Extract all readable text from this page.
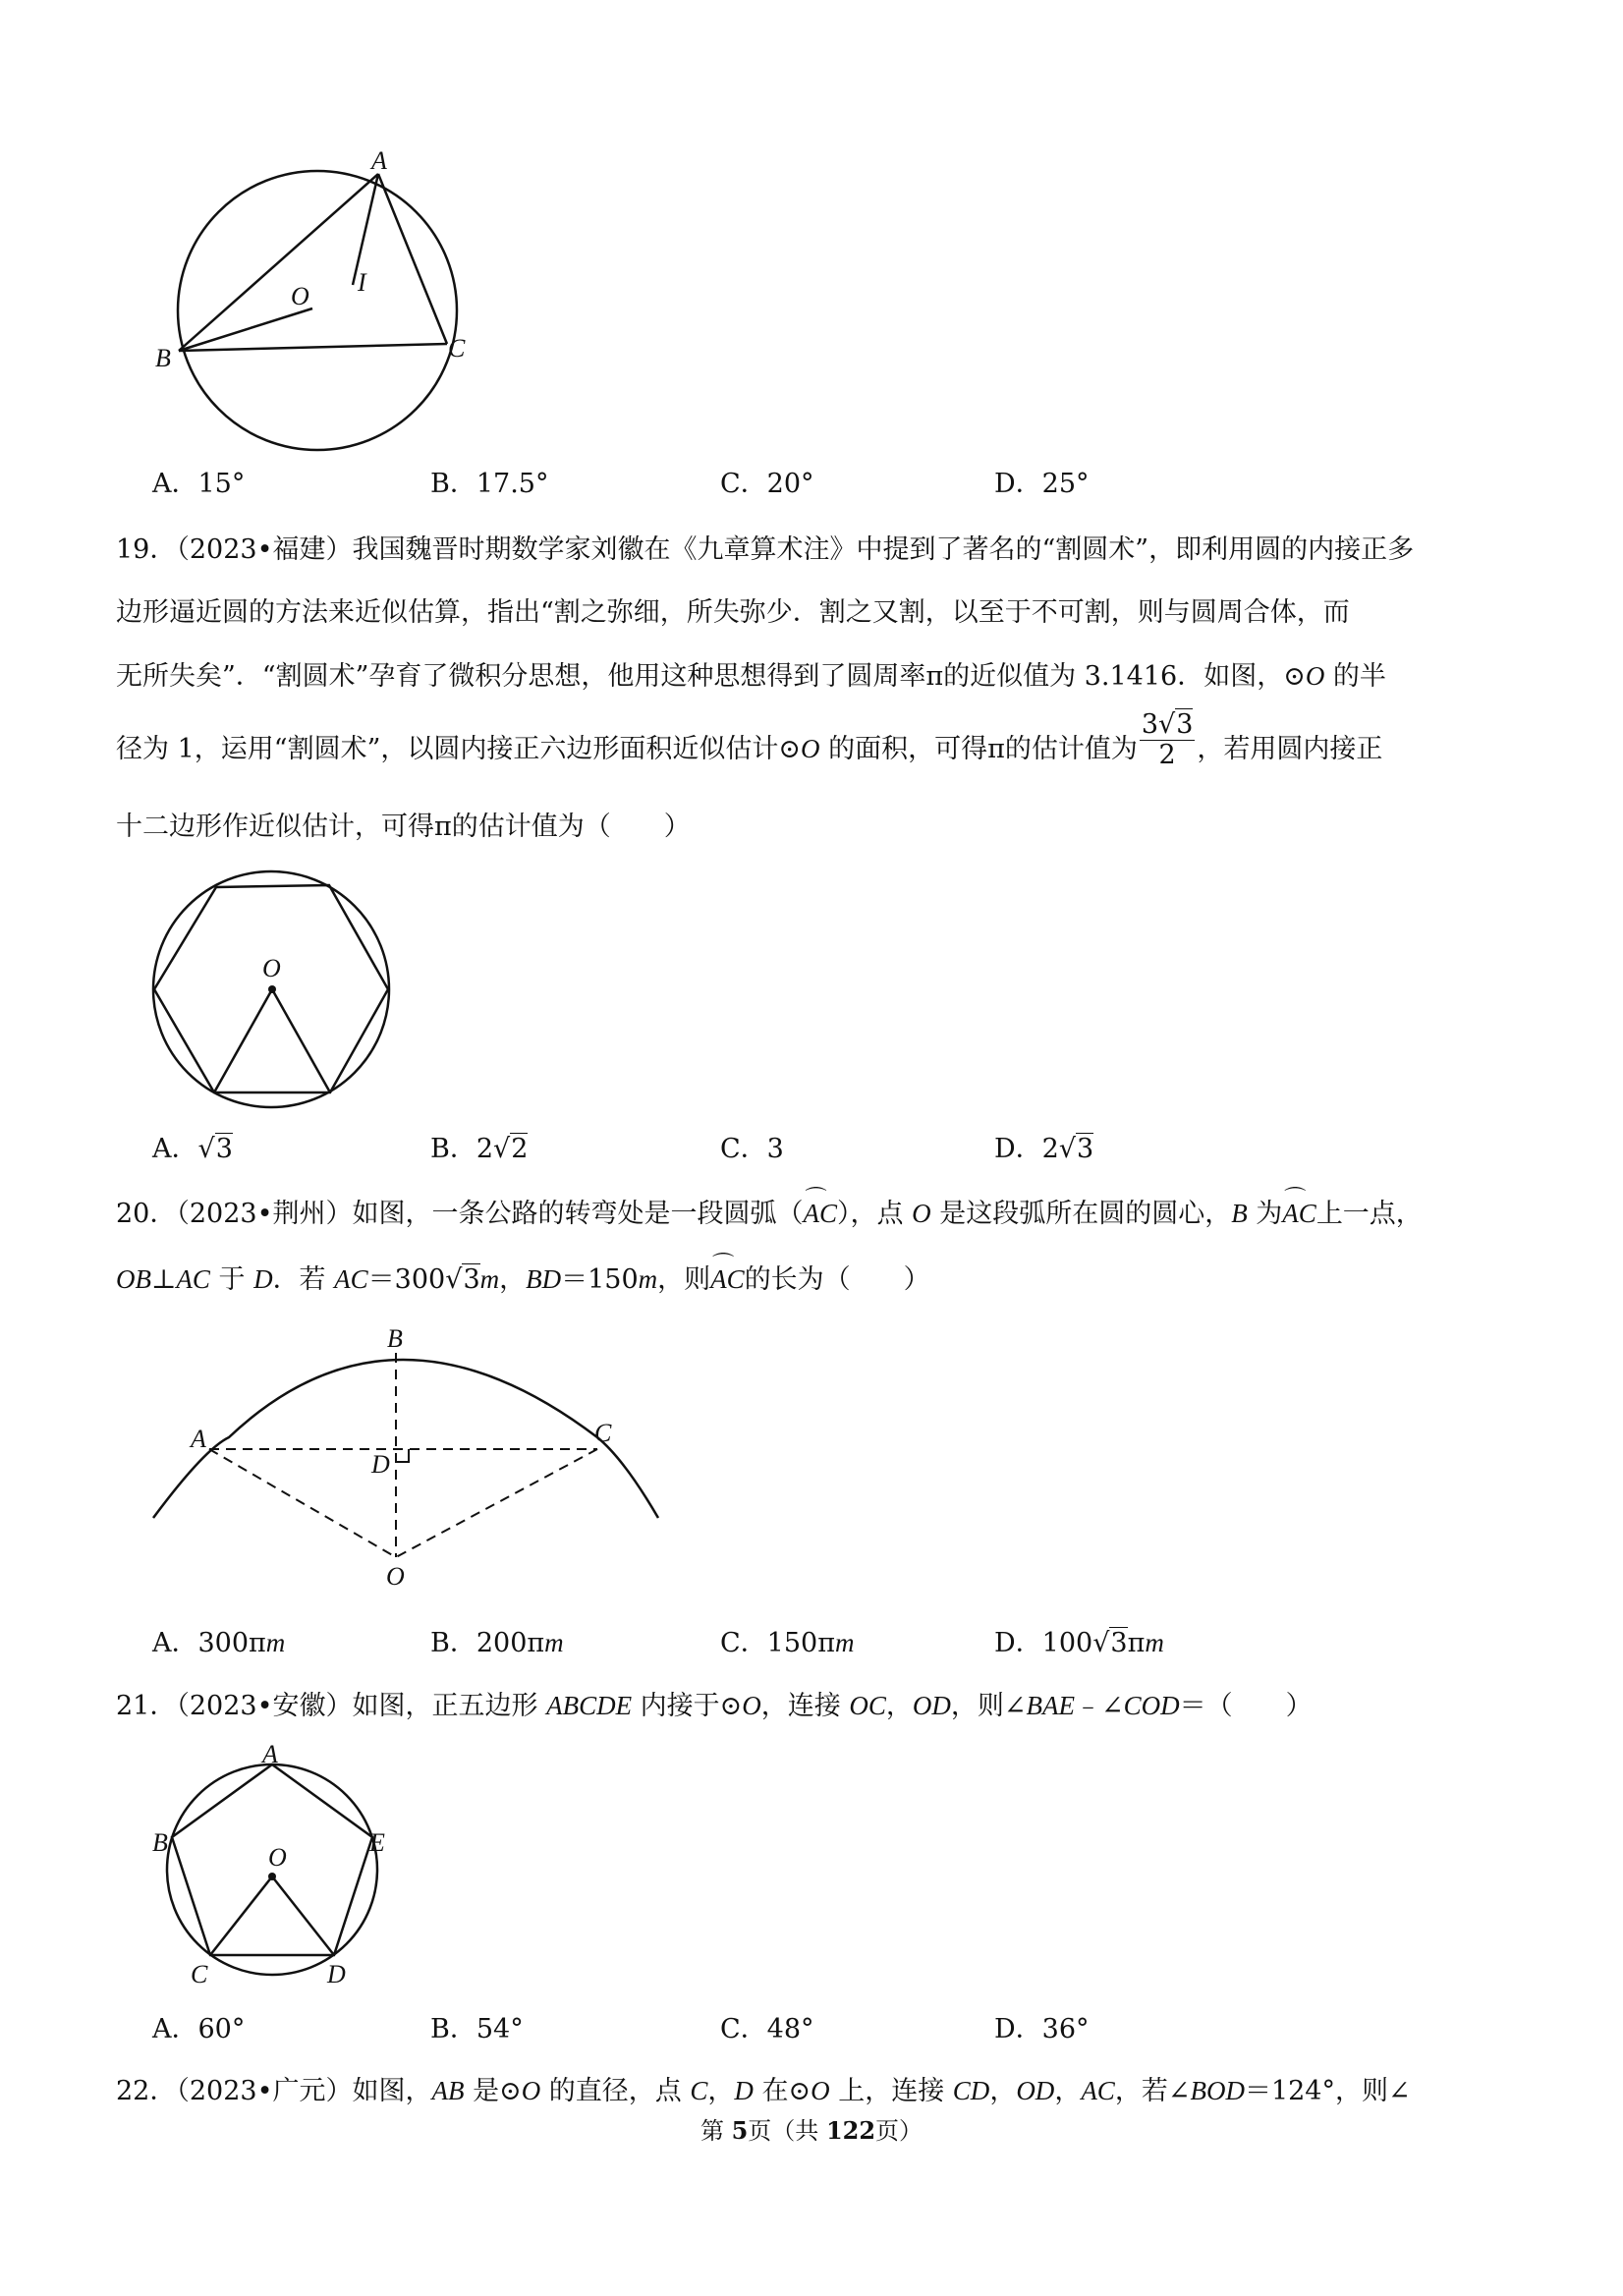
A
B	C
O I
A．15°	B．17.5°	C．20°	D．25°
19．（2023•福建）我国魏晋时期数学家刘徽在《九章算术注》中提到了著名的“割圆术”，即利用圆的内接正多
边形逼近圆的方法来近似估算，指出“割之弥细，所失弥少．割之又割，以至于不可割，则与圆周合体，而
无所失矣”．“割圆术”孕育了微积分思想，他用这种思想得到了圆周率π的近似值为 3.1416．如图，⊙O 的半
径为 1，运用“割圆术”，以圆内接正六边形面积近似估计⊙O 的面积，可得π的估计值为 $\frac{3√3}{2}$ ，若用圆内接正
十二边形作近似估计，可得π的估计值为（　　）
O
A．√3	B．2√2	C．3	D．2√3
20．（2023•荆州）如图，一条公路的转弯处是一段圆弧（⌒ AC），点 O 是这段弧所在圆的圆心，B 为⌒ AC上一点，
OB⊥AC 于 D．若 AC＝300√3m，BD＝150m，则⌒ AC的长为（　　）
A
B
C
D
O
A．300πm	B．200πm	C．150πm	D．100√3πm
21．（2023•安徽）如图，正五边形 ABCDE 内接于⊙O，连接 OC，OD，则∠BAE﹣∠COD＝（　　）
A
B
C	D
E
O
A．60°	B．54°	C．48°	D．36°
22．（2023•广元）如图，AB 是⊙O 的直径，点 C，D 在⊙O 上，连接 CD，OD，AC，若∠BOD＝124°，则∠
第 5页（共 122页）
